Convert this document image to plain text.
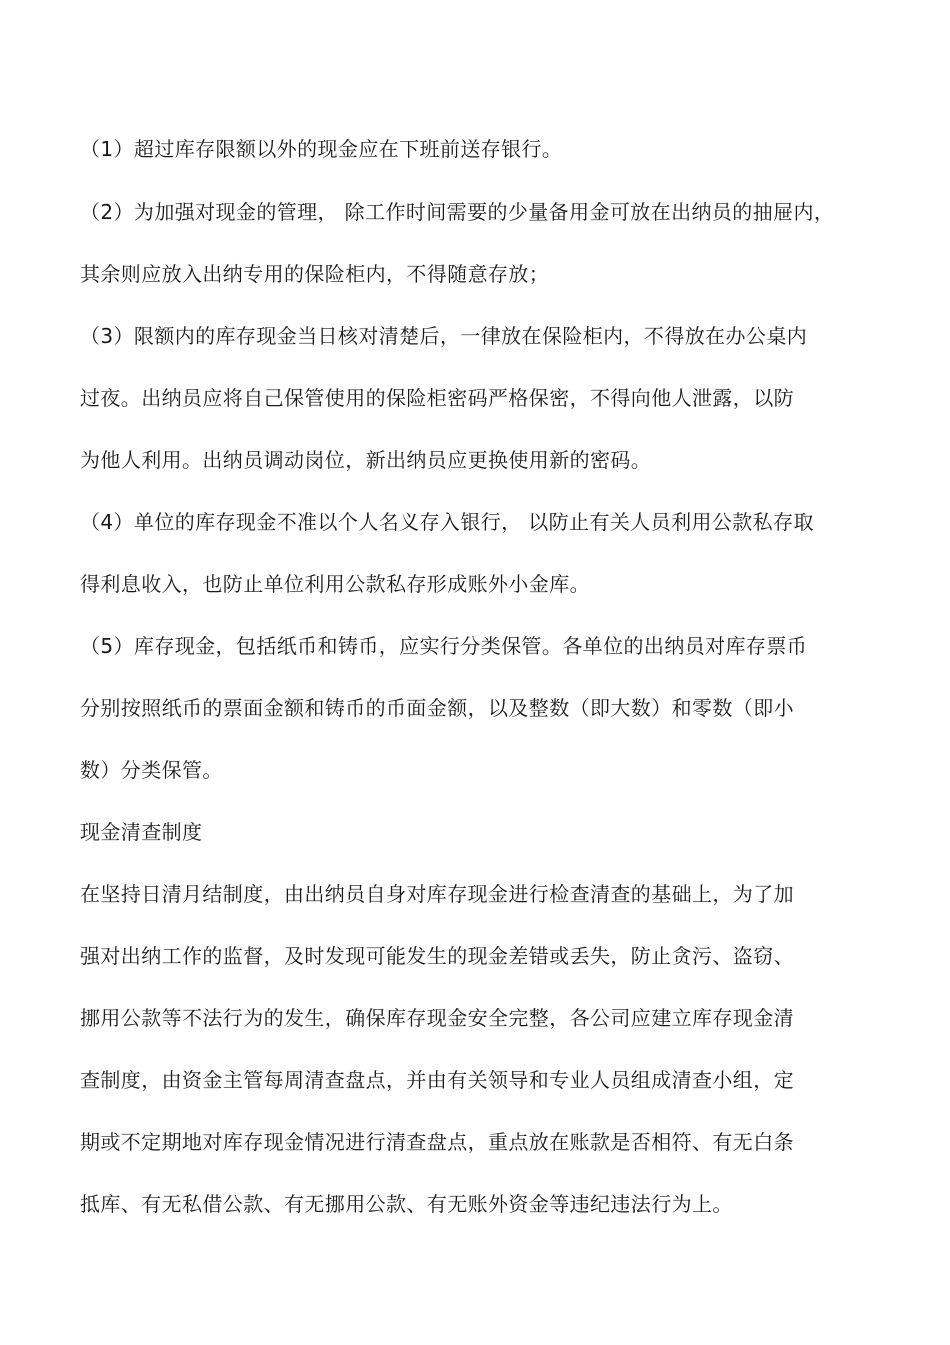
（1）超过库存限额以外的现金应在下班前送存银行。
（2）为加强对现金的管理， 除工作时间需要的少量备用金可放在出纳员的抽屉内，
其余则应放入出纳专用的保险柜内，不得随意存放；
（3）限额内的库存现金当日核对清楚后，一律放在保险柜内，不得放在办公桌内
过夜。出纳员应将自己保管使用的保险柜密码严格保密，不得向他人泄露，以防
为他人利用。出纳员调动岗位，新出纳员应更换使用新的密码。
（4）单位的库存现金不准以个人名义存入银行， 以防止有关人员利用公款私存取
得利息收入，也防止单位利用公款私存形成账外小金库。
（5）库存现金，包括纸币和铸币，应实行分类保管。各单位的出纳员对库存票币
分别按照纸币的票面金额和铸币的币面金额，以及整数（即大数）和零数（即小
数）分类保管。
现金清查制度
在坚持日清月结制度，由出纳员自身对库存现金进行检查清查的基础上，为了加
强对出纳工作的监督，及时发现可能发生的现金差错或丢失，防止贪污、盗窃、
挪用公款等不法行为的发生，确保库存现金安全完整，各公司应建立库存现金清
查制度，由资金主管每周清查盘点，并由有关领导和专业人员组成清查小组，定
期或不定期地对库存现金情况进行清查盘点，重点放在账款是否相符、有无白条
抵库、有无私借公款、有无挪用公款、有无账外资金等违纪违法行为上。
